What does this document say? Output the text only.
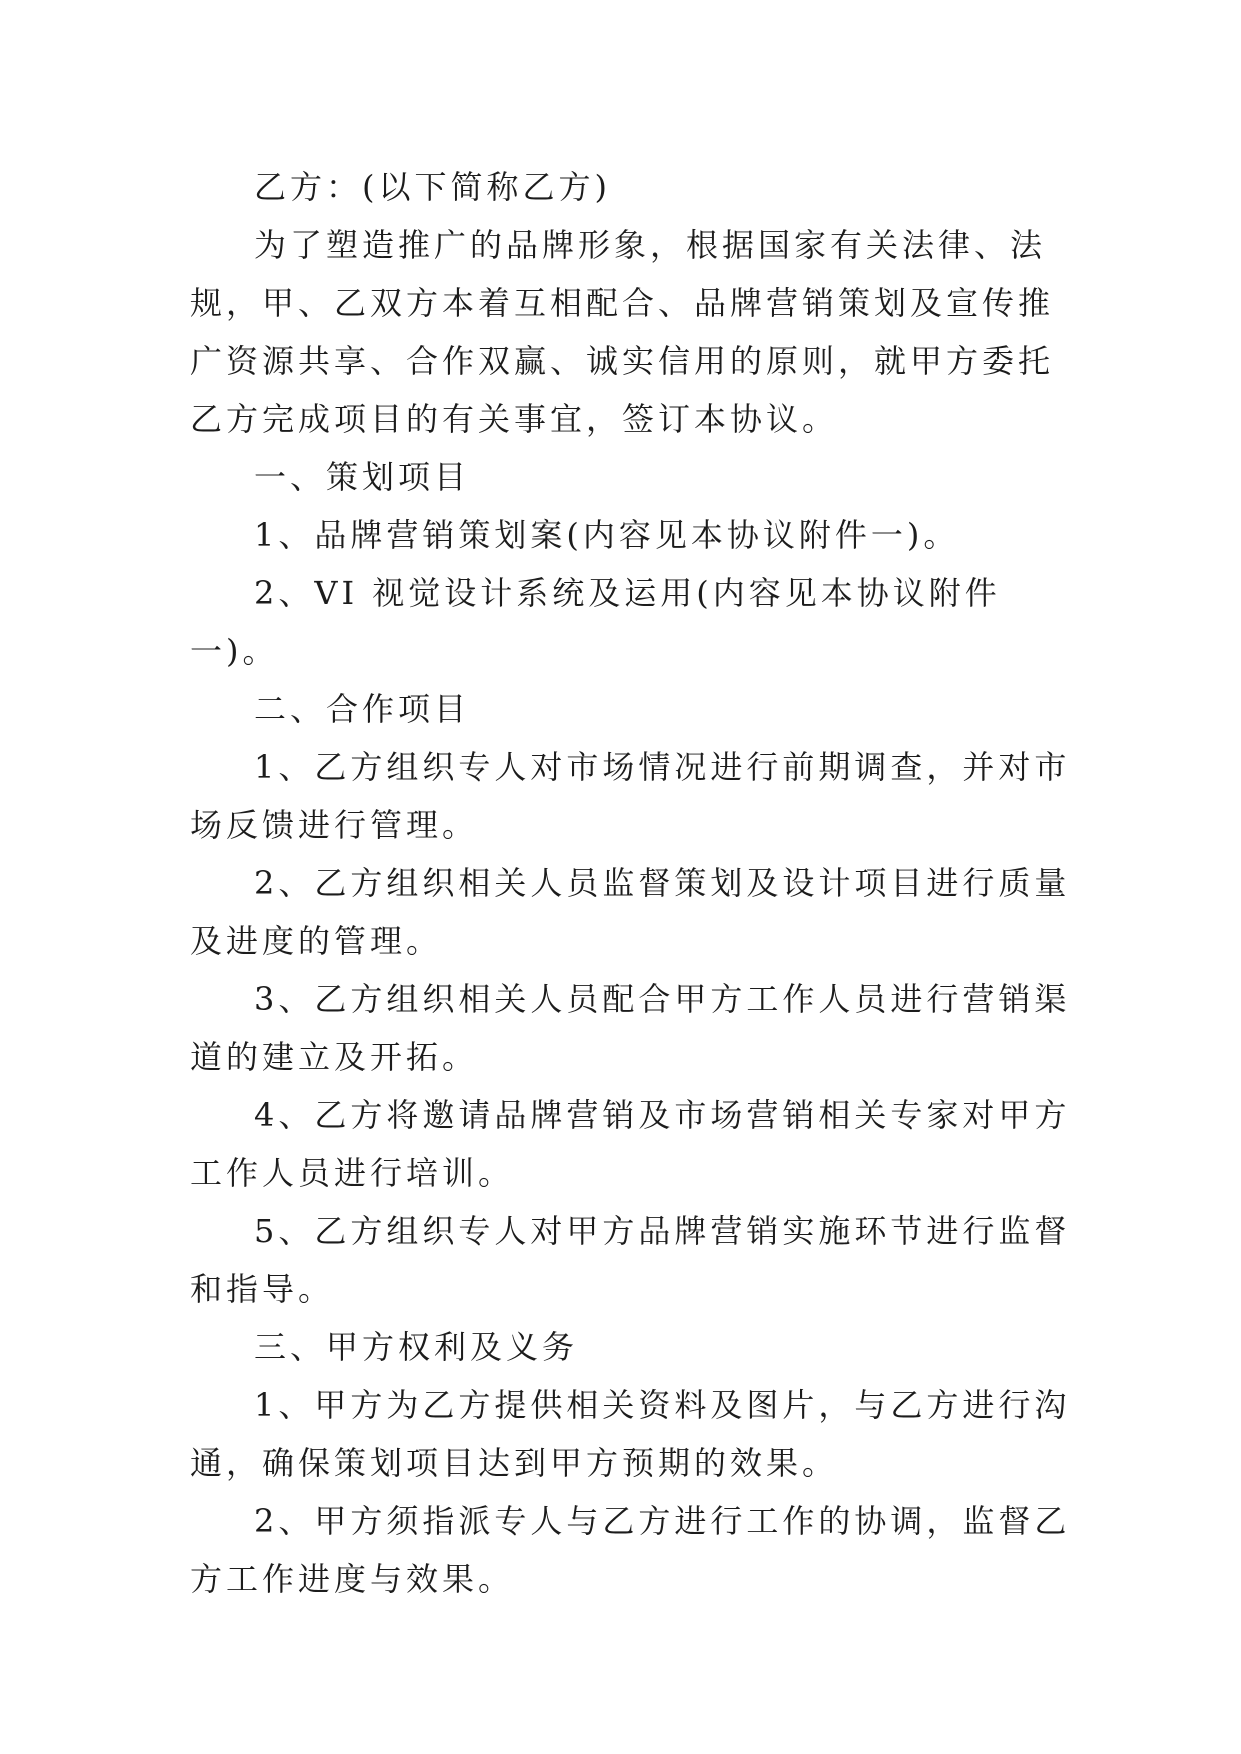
乙方：(以下简称乙方)

为了塑造推广的品牌形象，根据国家有关法律、法规，甲、乙双方本着互相配合、品牌营销策划及宣传推广资源共享、合作双赢、诚实信用的原则，就甲方委托乙方完成项目的有关事宜，签订本协议。

一、策划项目

1、品牌营销策划案(内容见本协议附件一)。

2、VI 视觉设计系统及运用(内容见本协议附件一)。

二、合作项目

1、乙方组织专人对市场情况进行前期调查，并对市场反馈进行管理。

2、乙方组织相关人员监督策划及设计项目进行质量及进度的管理。

3、乙方组织相关人员配合甲方工作人员进行营销渠道的建立及开拓。

4、乙方将邀请品牌营销及市场营销相关专家对甲方工作人员进行培训。

5、乙方组织专人对甲方品牌营销实施环节进行监督和指导。

三、甲方权利及义务

1、甲方为乙方提供相关资料及图片，与乙方进行沟通，确保策划项目达到甲方预期的效果。

2、甲方须指派专人与乙方进行工作的协调，监督乙方工作进度与效果。
